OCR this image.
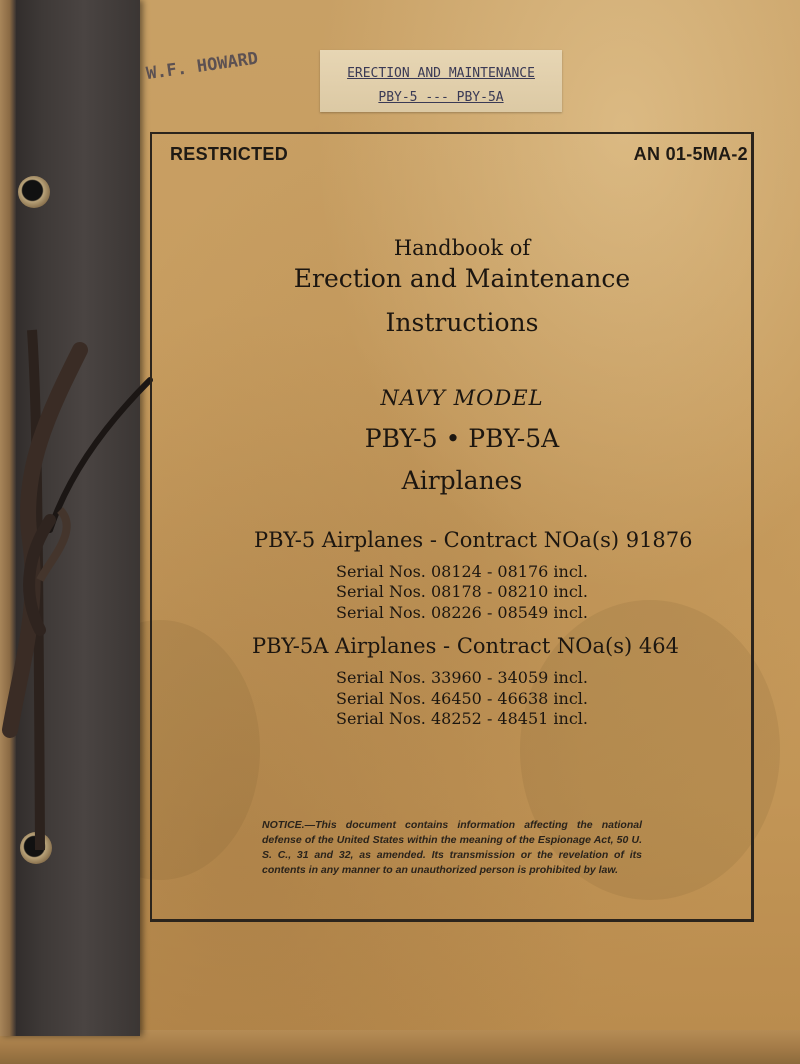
ERECTION AND MAINTENANCE
PBY-5 --- PBY-5A
W.F. HOWARD
RESTRICTED	AN 01-5MA-2
Handbook of
Erection and Maintenance
Instructions
NAVY MODEL
PBY-5 • PBY-5A
Airplanes
PBY-5 Airplanes - Contract NOa(s) 91876
Serial Nos. 08124 - 08176 incl.
Serial Nos. 08178 - 08210 incl.
Serial Nos. 08226 - 08549 incl.
PBY-5A Airplanes - Contract NOa(s) 464
Serial Nos. 33960 - 34059 incl.
Serial Nos. 46450 - 46638 incl.
Serial Nos. 48252 - 48451 incl.
NOTICE.—This document contains information affecting the national defense of the United States within the meaning of the Espionage Act, 50 U. S. C., 31 and 32, as amended. Its transmission or the revelation of its contents in any manner to an unauthorized person is prohibited by law.
